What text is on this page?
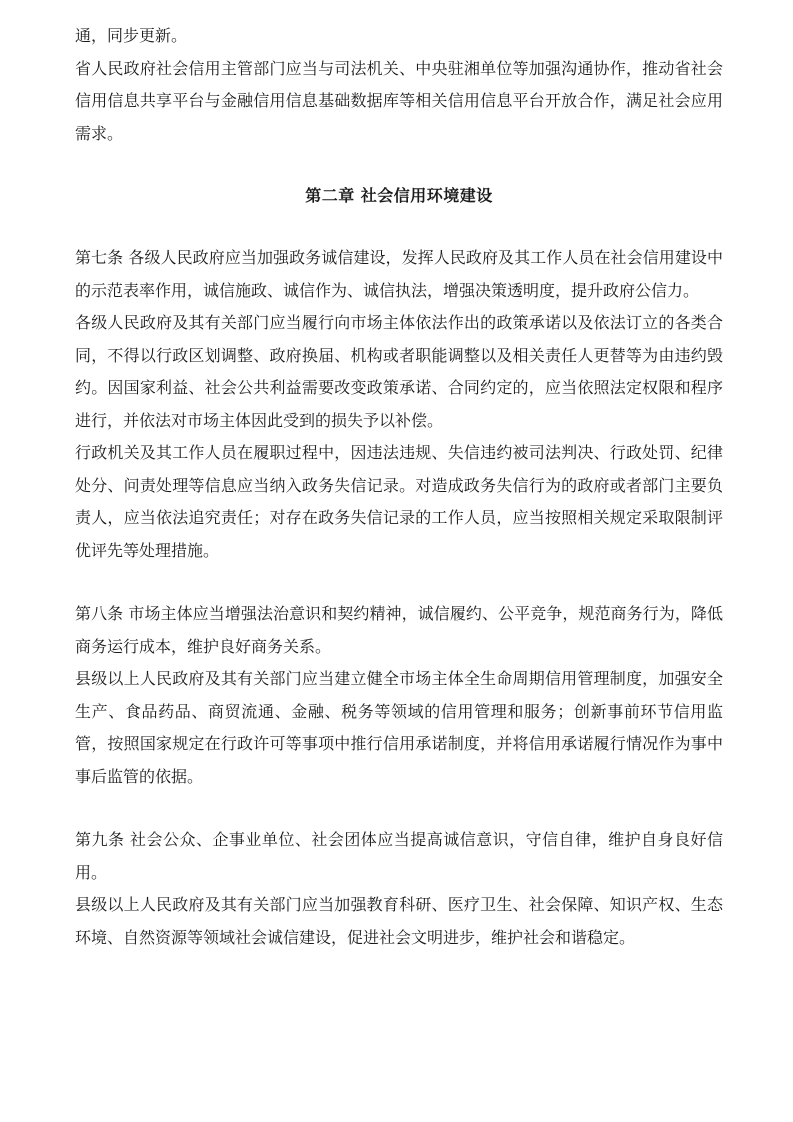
通，同步更新。

省人民政府社会信用主管部门应当与司法机关、中央驻湘单位等加强沟通协作，推动省社会信用信息共享平台与金融信用信息基础数据库等相关信用信息平台开放合作，满足社会应用需求。

第二章 社会信用环境建设

第七条 各级人民政府应当加强政务诚信建设，发挥人民政府及其工作人员在社会信用建设中的示范表率作用，诚信施政、诚信作为、诚信执法，增强决策透明度，提升政府公信力。

各级人民政府及其有关部门应当履行向市场主体依法作出的政策承诺以及依法订立的各类合同，不得以行政区划调整、政府换届、机构或者职能调整以及相关责任人更替等为由违约毁约。因国家利益、社会公共利益需要改变政策承诺、合同约定的，应当依照法定权限和程序进行，并依法对市场主体因此受到的损失予以补偿。

行政机关及其工作人员在履职过程中，因违法违规、失信违约被司法判决、行政处罚、纪律处分、问责处理等信息应当纳入政务失信记录。对造成政务失信行为的政府或者部门主要负责人，应当依法追究责任；对存在政务失信记录的工作人员，应当按照相关规定采取限制评优评先等处理措施。

第八条 市场主体应当增强法治意识和契约精神，诚信履约、公平竞争，规范商务行为，降低商务运行成本，维护良好商务关系。

县级以上人民政府及其有关部门应当建立健全市场主体全生命周期信用管理制度，加强安全生产、食品药品、商贸流通、金融、税务等领域的信用管理和服务；创新事前环节信用监管，按照国家规定在行政许可等事项中推行信用承诺制度，并将信用承诺履行情况作为事中事后监管的依据。

第九条 社会公众、企事业单位、社会团体应当提高诚信意识，守信自律，维护自身良好信用。

县级以上人民政府及其有关部门应当加强教育科研、医疗卫生、社会保障、知识产权、生态环境、自然资源等领域社会诚信建设，促进社会文明进步，维护社会和谐稳定。
